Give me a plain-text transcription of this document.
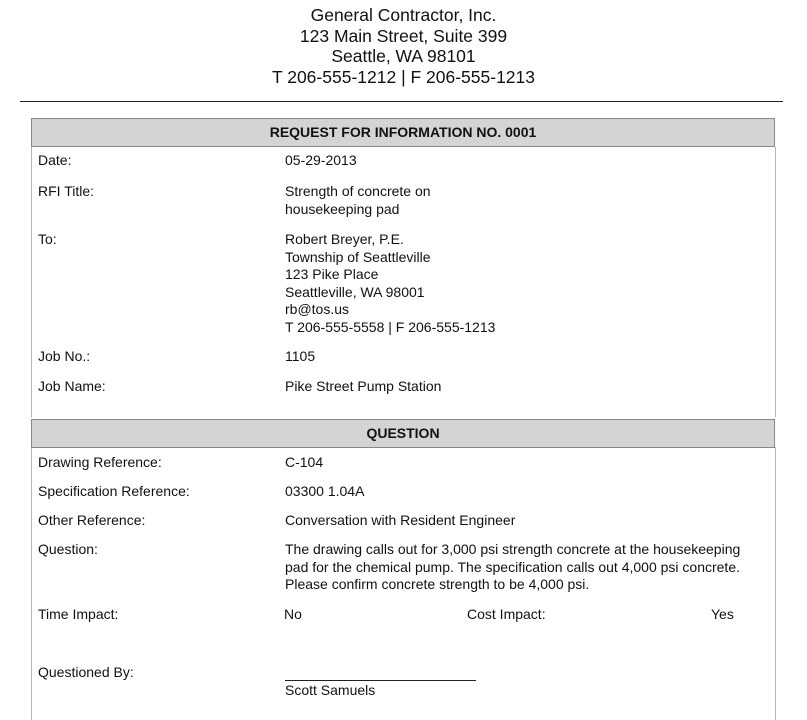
General Contractor, Inc.
123 Main Street, Suite 399
Seattle, WA 98101
T 206-555-1212 | F 206-555-1213
REQUEST FOR INFORMATION NO. 0001
Date:	05-29-2013
RFI Title:	Strength of concrete on
housekeeping pad
To:	Robert Breyer, P.E.
Township of Seattleville
123 Pike Place
Seattleville, WA 98001
rb@tos.us
T 206-555-5558 | F 206-555-1213
Job No.:	1105
Job Name:	Pike Street Pump Station
QUESTION
Drawing Reference:	C-104
Specification Reference:	03300 1.04A
Other Reference:	Conversation with Resident Engineer
Question:	The drawing calls out for 3,000 psi strength concrete at the housekeeping
pad for the chemical pump. The specification calls out 4,000 psi concrete.
Please confirm concrete strength to be 4,000 psi.
Time Impact:	No	Cost Impact:	Yes
Questioned By:
Scott Samuels
